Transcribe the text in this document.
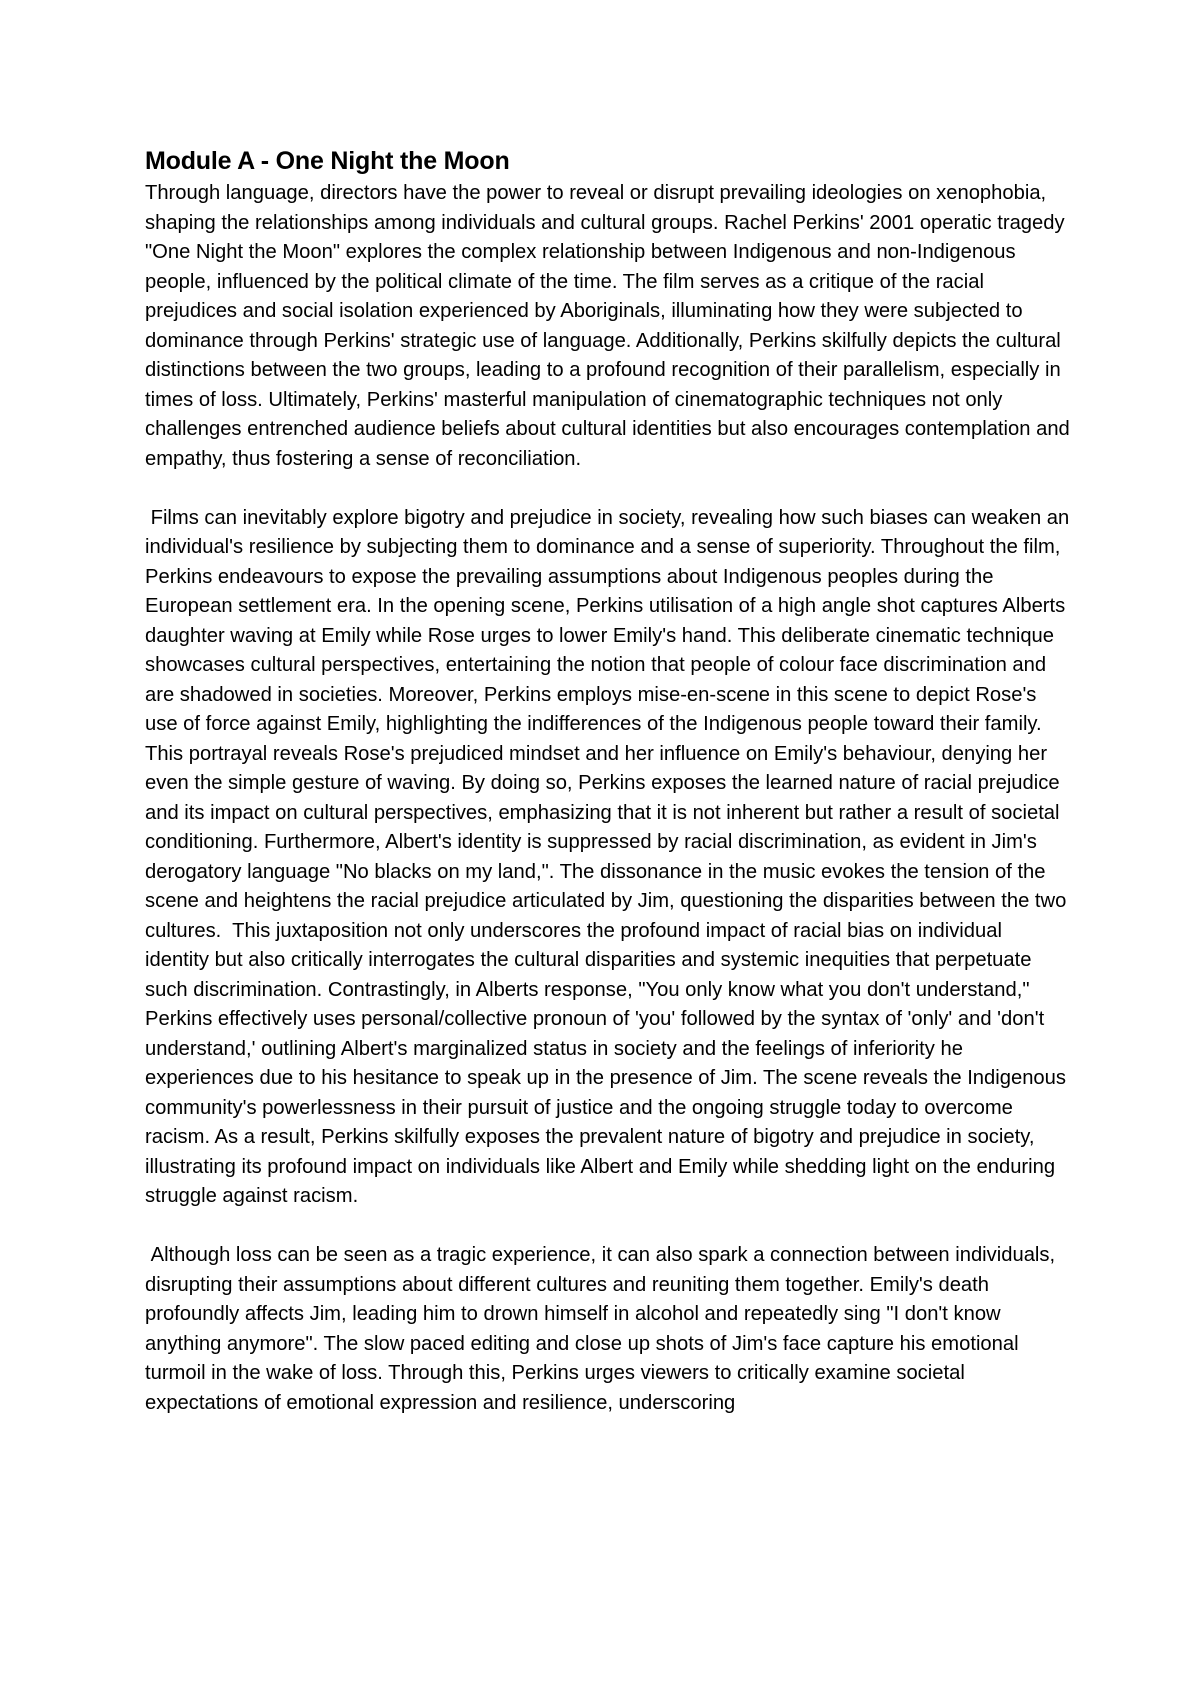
Module A - One Night the Moon

Through language, directors have the power to reveal or disrupt prevailing ideologies on xenophobia, shaping the relationships among individuals and cultural groups. Rachel Perkins' 2001 operatic tragedy "One Night the Moon" explores the complex relationship between Indigenous and non-Indigenous people, influenced by the political climate of the time. The film serves as a critique of the racial prejudices and social isolation experienced by Aboriginals, illuminating how they were subjected to dominance through Perkins' strategic use of language. Additionally, Perkins skilfully depicts the cultural distinctions between the two groups, leading to a profound recognition of their parallelism, especially in times of loss. Ultimately, Perkins' masterful manipulation of cinematographic techniques not only challenges entrenched audience beliefs about cultural identities but also encourages contemplation and empathy, thus fostering a sense of reconciliation.

Films can inevitably explore bigotry and prejudice in society, revealing how such biases can weaken an individual's resilience by subjecting them to dominance and a sense of superiority. Throughout the film, Perkins endeavours to expose the prevailing assumptions about Indigenous peoples during the European settlement era. In the opening scene, Perkins utilisation of a high angle shot captures Alberts daughter waving at Emily while Rose urges to lower Emily's hand. This deliberate cinematic technique showcases cultural perspectives, entertaining the notion that people of colour face discrimination and are shadowed in societies. Moreover, Perkins employs mise-en-scene in this scene to depict Rose's use of force against Emily, highlighting the indifferences of the Indigenous people toward their family. This portrayal reveals Rose's prejudiced mindset and her influence on Emily's behaviour, denying her even the simple gesture of waving. By doing so, Perkins exposes the learned nature of racial prejudice and its impact on cultural perspectives, emphasizing that it is not inherent but rather a result of societal conditioning. Furthermore, Albert's identity is suppressed by racial discrimination, as evident in Jim's derogatory language "No blacks on my land,". The dissonance in the music evokes the tension of the scene and heightens the racial prejudice articulated by Jim, questioning the disparities between the two cultures.  This juxtaposition not only underscores the profound impact of racial bias on individual identity but also critically interrogates the cultural disparities and systemic inequities that perpetuate such discrimination. Contrastingly, in Alberts response, "You only know what you don't understand," Perkins effectively uses personal/collective pronoun of 'you' followed by the syntax of 'only' and 'don't understand,' outlining Albert's marginalized status in society and the feelings of inferiority he experiences due to his hesitance to speak up in the presence of Jim. The scene reveals the Indigenous community's powerlessness in their pursuit of justice and the ongoing struggle today to overcome racism. As a result, Perkins skilfully exposes the prevalent nature of bigotry and prejudice in society, illustrating its profound impact on individuals like Albert and Emily while shedding light on the enduring struggle against racism.

Although loss can be seen as a tragic experience, it can also spark a connection between individuals, disrupting their assumptions about different cultures and reuniting them together. Emily's death profoundly affects Jim, leading him to drown himself in alcohol and repeatedly sing "I don't know anything anymore". The slow paced editing and close up shots of Jim's face capture his emotional turmoil in the wake of loss. Through this, Perkins urges viewers to critically examine societal expectations of emotional expression and resilience, underscoring
